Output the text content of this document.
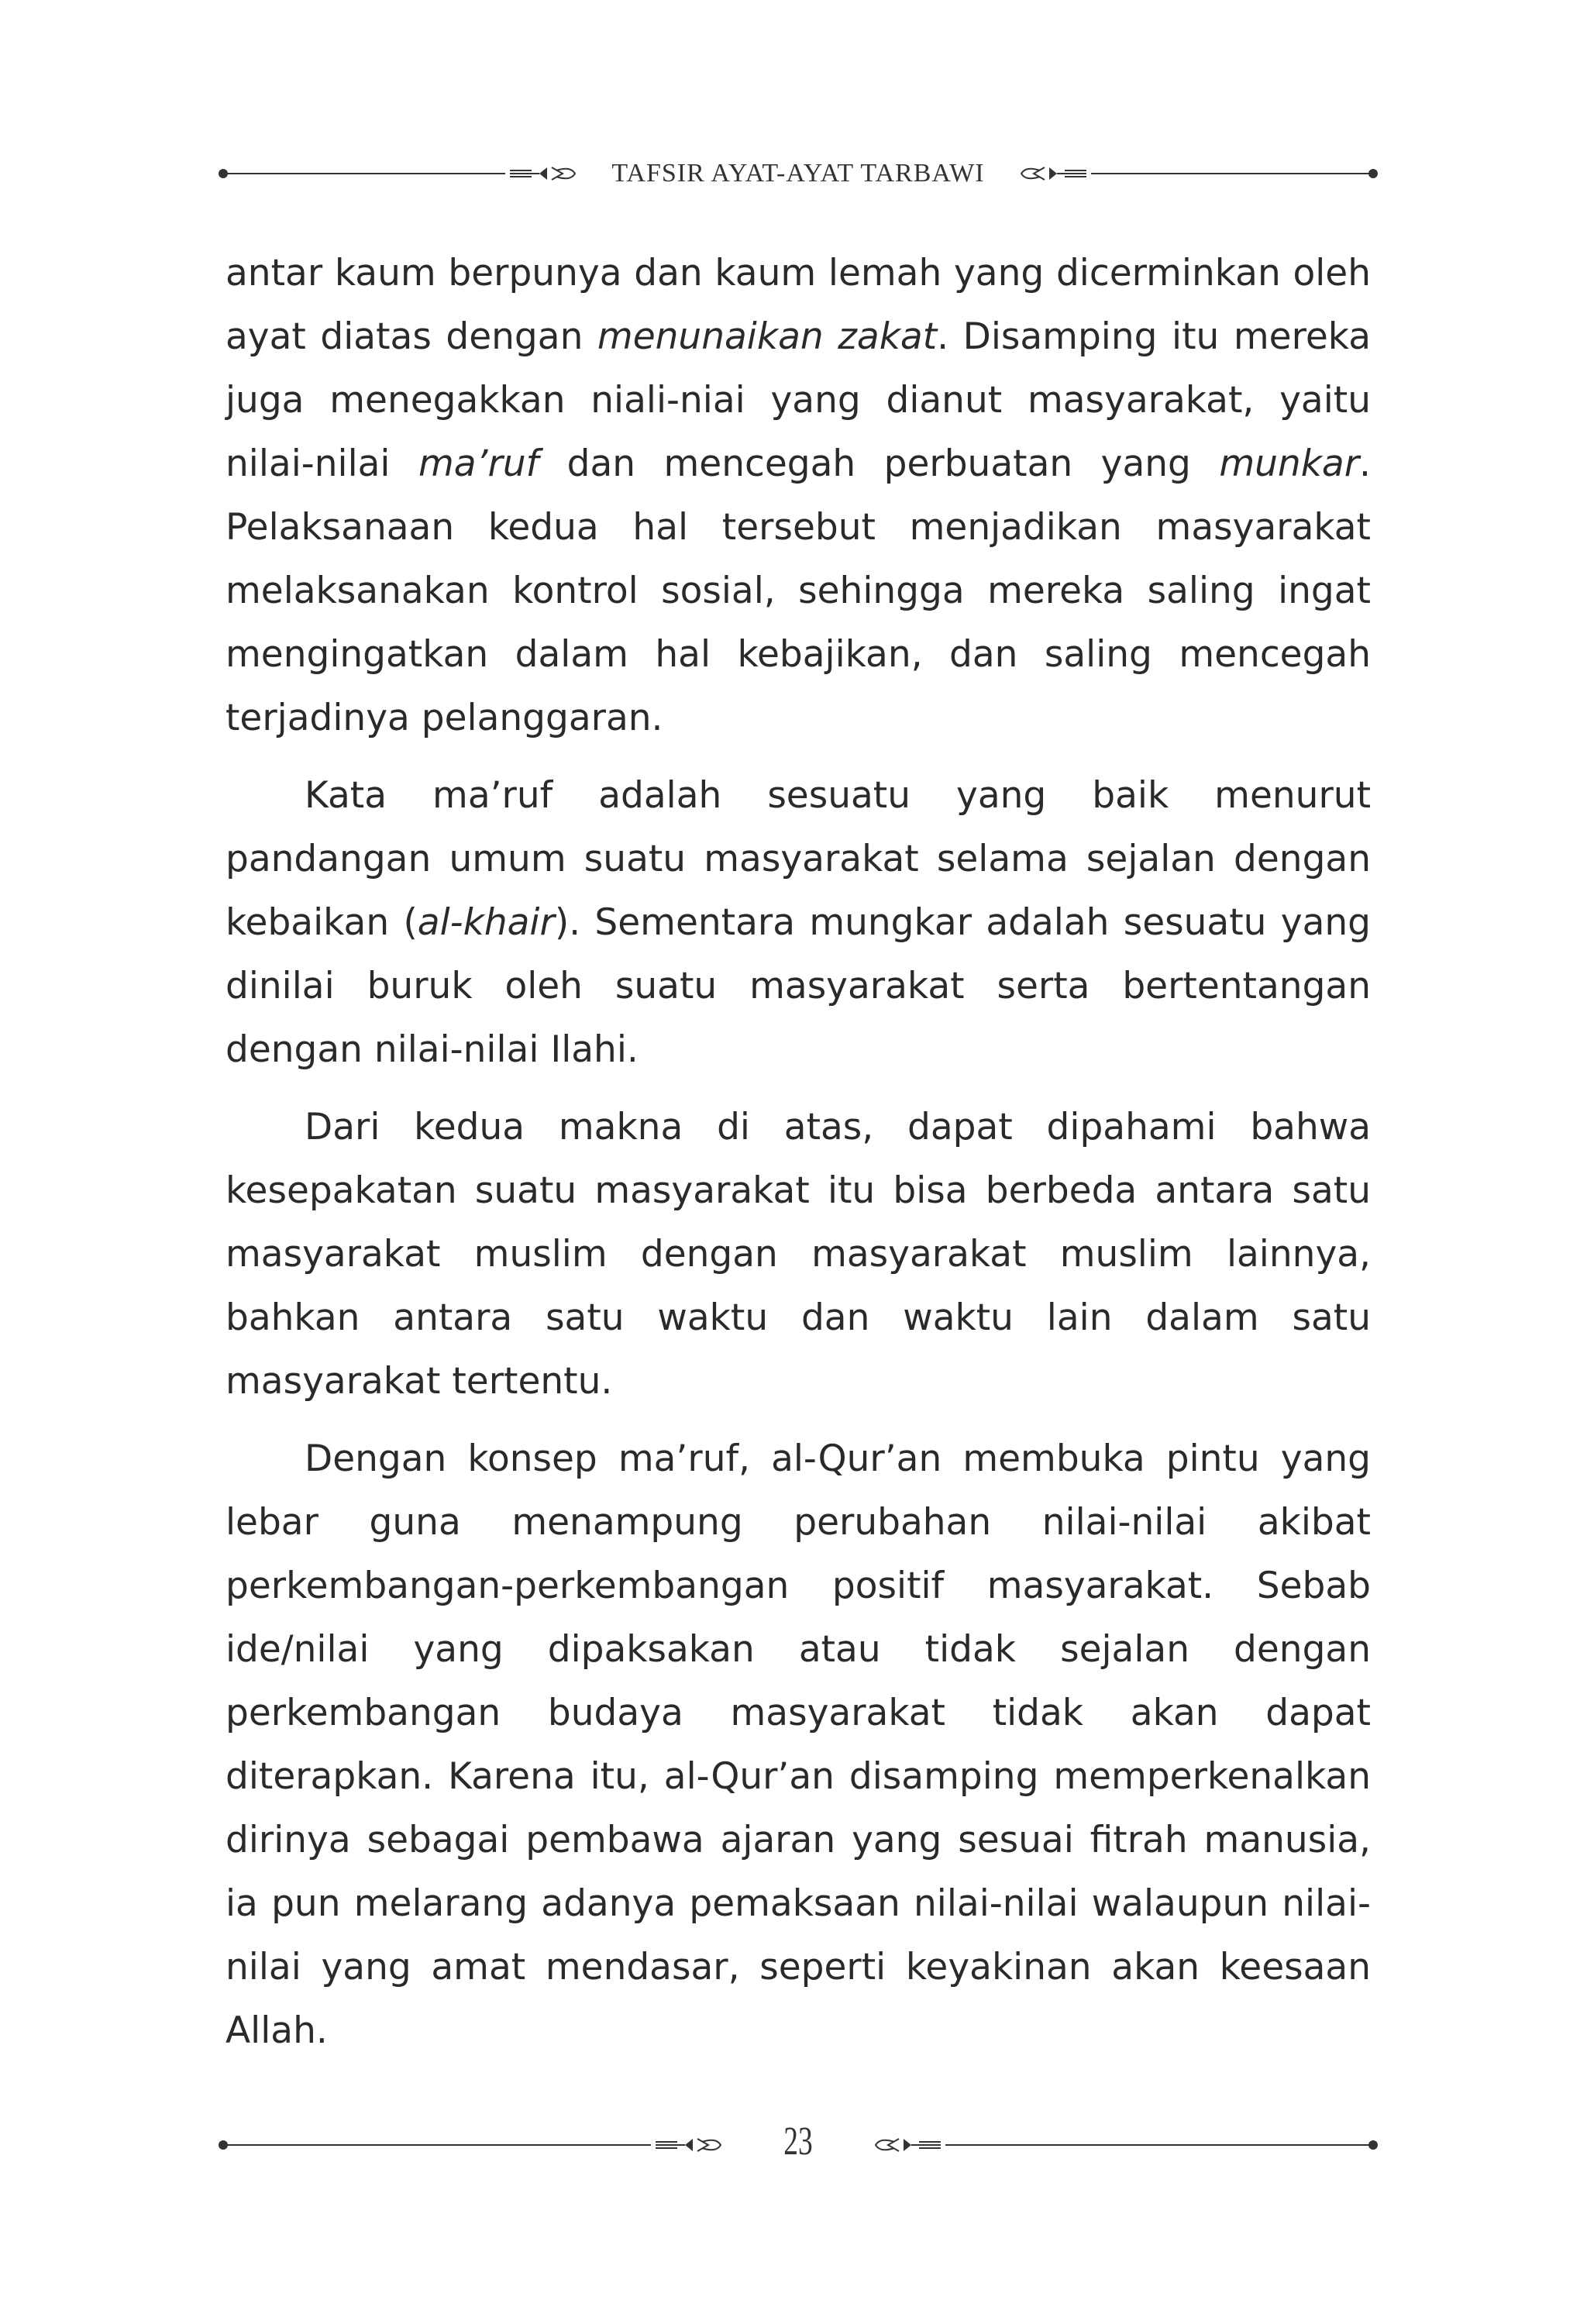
TAFSIR AYAT-AYAT TARBAWI

antar kaum berpunya dan kaum lemah yang dicerminkan oleh ayat diatas dengan menunaikan zakat. Disamping itu mereka juga menegakkan niali-niai yang dianut masyarakat, yaitu nilai-nilai ma’ruf dan mencegah perbuatan yang munkar. Pelaksanaan kedua hal tersebut menjadikan masyarakat melaksanakan kontrol sosial, sehingga mereka saling ingat mengingatkan dalam hal kebajikan, dan saling mencegah terjadinya pelanggaran.

Kata ma’ruf adalah sesuatu yang baik menurut pandangan umum suatu masyarakat selama sejalan dengan kebaikan (al-khair). Sementara mungkar adalah sesuatu yang dinilai buruk oleh suatu masyarakat serta bertentangan dengan nilai-nilai Ilahi.

Dari kedua makna di atas, dapat dipahami bahwa kesepakatan suatu masyarakat itu bisa berbeda antara satu masyarakat muslim dengan masyarakat muslim lainnya, bahkan antara satu waktu dan waktu lain dalam satu masyarakat tertentu.

Dengan konsep ma’ruf, al-Qur’an membuka pintu yang lebar guna menampung perubahan nilai-nilai akibat perkembangan-perkembangan positif masyarakat. Sebab ide/nilai yang dipaksakan atau tidak sejalan dengan perkembangan budaya masyarakat tidak akan dapat diterapkan. Karena itu, al-Qur’an disamping memperkenalkan dirinya sebagai pembawa ajaran yang sesuai fitrah manusia, ia pun melarang adanya pemaksaan nilai-nilai walaupun nilai-nilai yang amat mendasar, seperti keyakinan akan keesaan Allah.

23
